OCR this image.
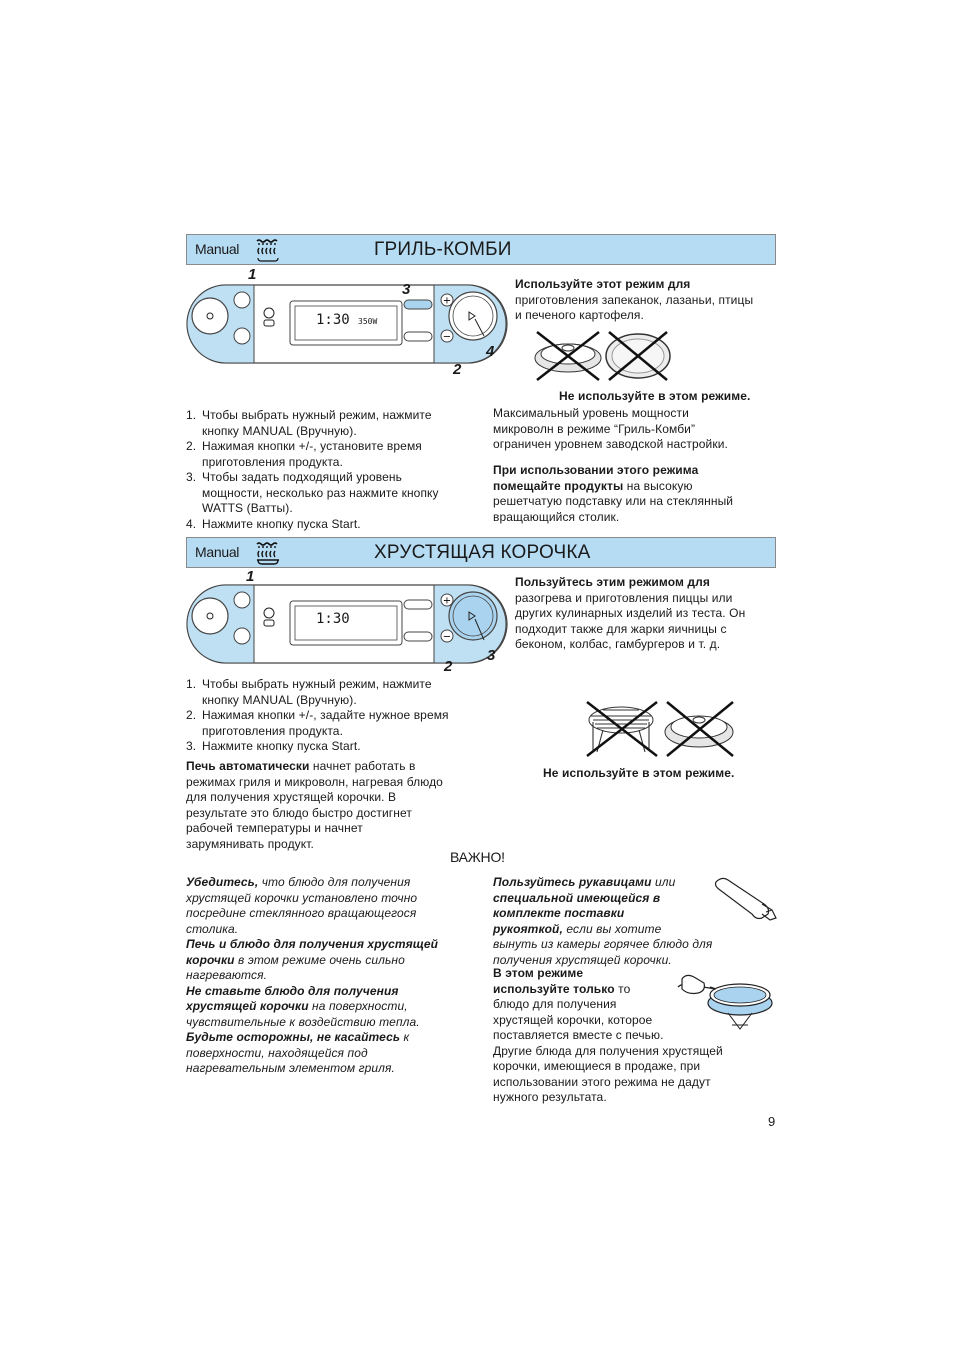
Manual	ГРИЛЬ-КОМБИ
+
−
1:30 350W
1
2
3
4
Используйте этот режим для
приготовления запеканок, лазаньи, птицы
и печеного картофеля.
Не используйте в этом режиме.
Максимальный уровень мощности
микроволн в режиме “Гриль-Комби”
ограничен уровнем заводской настройки.
При использовании этого режима
помещайте продукты на высокую
решетчатую подставку или на стеклянный
вращающийся столик.
1. Чтобы выбрать нужный режим, нажмите
кнопку MANUAL (Вручную).
2. Нажимая кнопки +/-, установите время
приготовления продукта.
3. Чтобы задать подходящий уровень
мощности, несколько раз нажмите кнопку
WATTS (Ватты).
4. Нажмите кнопку пуска Start.
Manual	ХРУСТЯЩАЯ КОРОЧКА
+
−
1:30
1
2
3
Пользуйтесь этим режимом для
разогрева и приготовления пиццы или
других кулинарных изделий из теста. Он
подходит также для жарки яичницы с
беконом, колбас, гамбургеров и т. д.
Не используйте в этом режиме.
1. Чтобы выбрать нужный режим, нажмите
кнопку MANUAL (Вручную).
2. Нажимая кнопки +/-, задайте нужное время
приготовления продукта.
3. Нажмите кнопку пуска Start.
Печь автоматически начнет работать в
режимах гриля и микроволн, нагревая блюдо
для получения хрустящей корочки. В
результате это блюдо быстро достигнет
рабочей температуры и начнет
зарумянивать продукт.
ВАЖНО!
Убедитесь, что блюдо для получения
хрустящей корочки установлено точно
посредине стеклянного вращающегося
столика.
Печь и блюдо для получения хрустящей
корочки в этом режиме очень сильно
нагреваются.
Не ставьте блюдо для получения
хрустящей корочки на поверхности,
чувствительные к воздействию тепла.
Будьте осторожны, не касайтесь к
поверхности, находящейся под
нагревательным элементом гриля.
Пользуйтесь рукавицами или
специальной имеющейся в
комплекте поставки
рукояткой, если вы хотите
вынуть из камеры горячее блюдо для
получения хрустящей корочки.
В этом режиме
используйте только то
блюдо для получения
хрустящей корочки, которое
поставляется вместе с печью.
Другие блюда для получения хрустящей
корочки, имеющиеся в продаже, при
использовании этого режима не дадут
нужного результата.
9
